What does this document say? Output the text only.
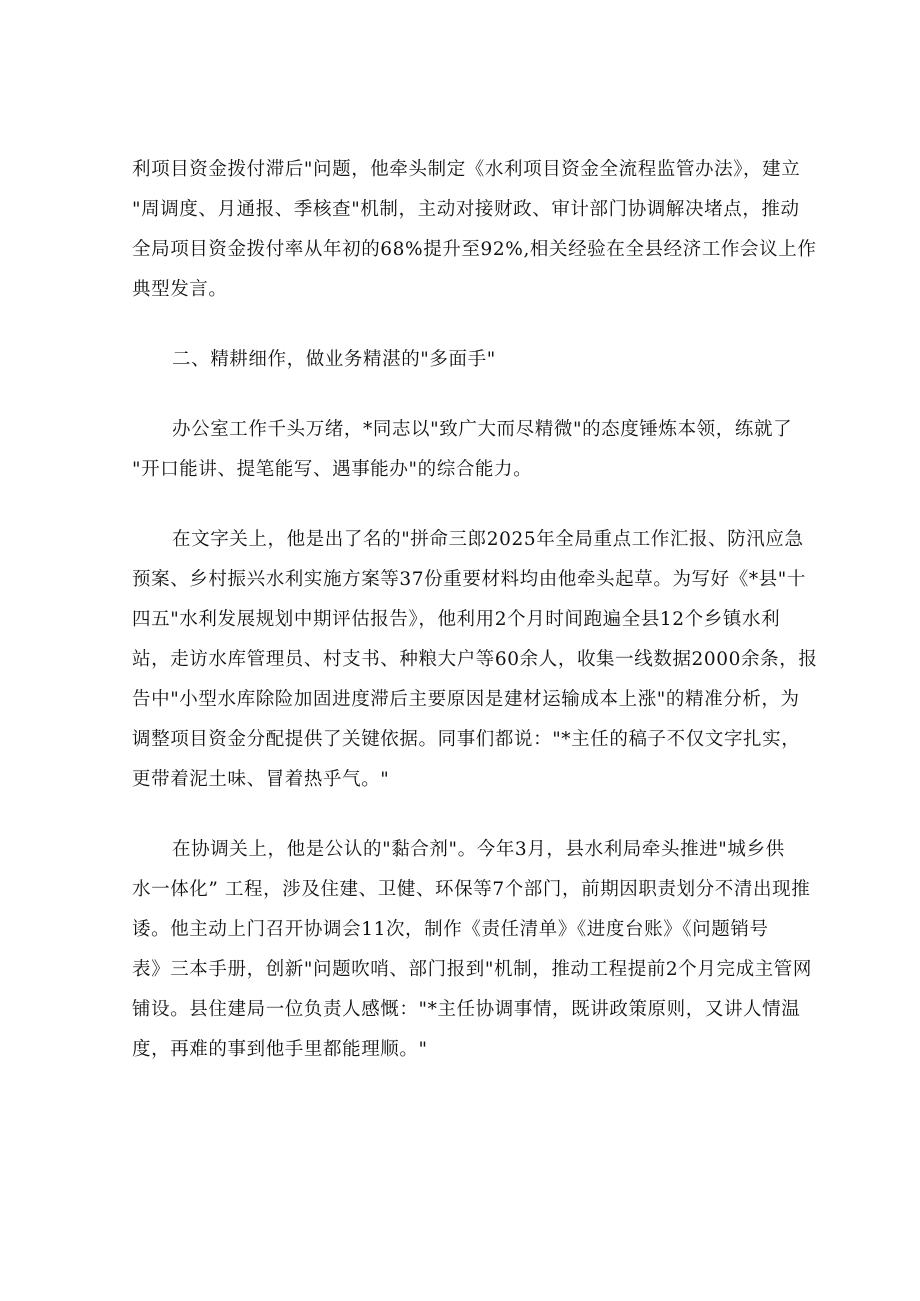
利项目资金拨付滞后"问题，他牵头制定《水利项目资金全流程监管办法》，建立
"周调度、月通报、季核查"机制，主动对接财政、审计部门协调解决堵点，推动
全局项目资金拨付率从年初的68%提升至92%,相关经验在全县经济工作会议上作
典型发言。

二、精耕细作，做业务精湛的"多面手"

办公室工作千头万绪，*同志以"致广大而尽精微"的态度锤炼本领，练就了
"开口能讲、提笔能写、遇事能办"的综合能力。

在文字关上，他是出了名的"拼命三郎2025年全局重点工作汇报、防汛应急
预案、乡村振兴水利实施方案等37份重要材料均由他牵头起草。为写好《*县"十
四五"水利发展规划中期评估报告》，他利用2个月时间跑遍全县12个乡镇水利
站，走访水库管理员、村支书、种粮大户等60余人，收集一线数据2000余条，报
告中"小型水库除险加固进度滞后主要原因是建材运输成本上涨"的精准分析，为
调整项目资金分配提供了关键依据。同事们都说："*主任的稿子不仅文字扎实，
更带着泥土味、冒着热乎气。"

在协调关上，他是公认的"黏合剂"。今年3月，县水利局牵头推进"城乡供
水一体化” 工程，涉及住建、卫健、环保等7个部门，前期因职责划分不清出现推
诿。他主动上门召开协调会11次，制作《责任清单》《进度台账》《问题销号
表》三本手册，创新"问题吹哨、部门报到"机制，推动工程提前2个月完成主管网
铺设。县住建局一位负责人感慨："*主任协调事情，既讲政策原则，又讲人情温
度，再难的事到他手里都能理顺。"
